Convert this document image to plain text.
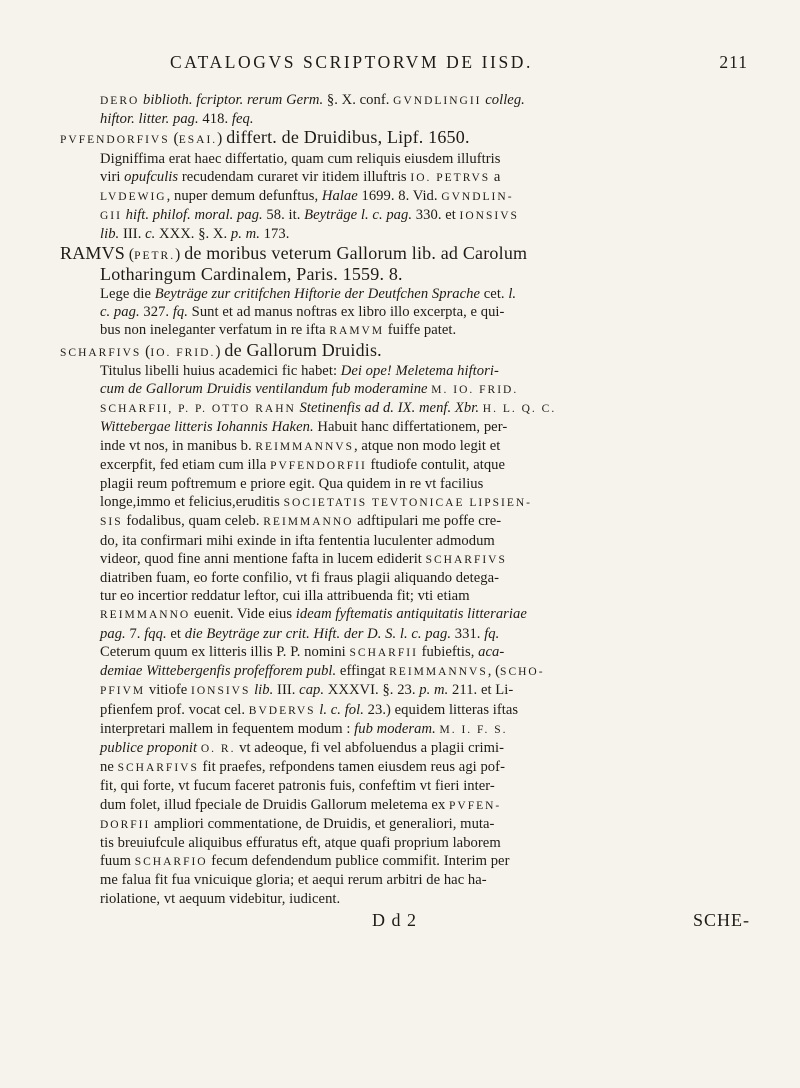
CATALOGVS SCRIPTORVM DE IISD.	211
DERO biblioth. fcriptor. rerum Germ. §. X. conf. GVNDLINGII colleg.
hiftor. litter. pag. 418. feq.
PVFENDORFIVS (ESAI.) differt. de Druidibus, Lipf. 1650.
Digniffima erat haec differtatio, quam cum reliquis eiusdem illuftris
viri opufculis recudendam curaret vir itidem illuftris IO. PETRVS a
LVDEWIG, nuper demum defunftus, Halae 1699. 8. Vid. GVNDLIN-
GII hift. philof. moral. pag. 58. it. Beyträge l. c. pag. 330. et IONSIVS
lib. III. c. XXX. §. X. p. m. 173.
RAMVS (PETR.) de moribus veterum Gallorum lib. ad Carolum
Lotharingum Cardinalem, Paris. 1559. 8.
Lege die Beyträge zur critifchen Hiftorie der Deutfchen Sprache cet. l.
c. pag. 327. fq. Sunt et ad manus noftras ex libro illo excerpta, e qui-
bus non ineleganter verfatum in re ifta RAMVM fuiffe patet.
SCHARFIVS (IO. FRID.) de Gallorum Druidis.
Titulus libelli huius academici fic habet: Dei ope! Meletema hiftori-
cum de Gallorum Druidis ventilandum fub moderamine M. IO. FRID.
SCHARFII, P. P. OTTO RAHN Stetinenfis ad d. IX. menf. Xbr. H. L. Q. C.
Wittebergae litteris Iohannis Haken. Habuit hanc differtationem, per-
inde vt nos, in manibus b. REIMMANNVS, atque non modo legit et
excerpfit, fed etiam cum illa PVFENDORFII ftudiofe contulit, atque
plagii reum poftremum e priore egit. Qua quidem in re vt facilius
longe,immo et felicius,eruditis SOCIETATIS TEVTONICAE LIPSIEN-
SIS fodalibus, quam celeb. REIMMANNO adftipulari me poffe cre-
do, ita confirmari mihi exinde in ifta fententia luculenter admodum
videor, quod fine anni mentione fafta in lucem ediderit SCHARFIVS
diatriben fuam, eo forte confilio, vt fi fraus plagii aliquando detega-
tur eo incertior reddatur leftor, cui illa attribuenda fit; vti etiam
REIMMANNO euenit. Vide eius ideam fyftematis antiquitatis litterariae
pag. 7. fqq. et die Beyträge zur crit. Hift. der D. S. l. c. pag. 331. fq.
Ceterum quum ex litteris illis P. P. nomini SCHARFII fubieftis, aca-
demiae Wittebergenfis profefforem publ. effingat REIMMANNVS, (SCHO-
PFIVM vitiofe IONSIVS lib. III. cap. XXXVI. §. 23. p. m. 211. et Li-
pfienfem prof. vocat cel. BVDERVS l. c. fol. 23.) equidem litteras iftas
interpretari mallem in fequentem modum : fub moderam. M. I. F. S.
publice proponit O. R. vt adeoque, fi vel abfoluendus a plagii crimi-
ne SCHARFIVS fit praefes, refpondens tamen eiusdem reus agi pof-
fit, qui forte, vt fucum faceret patronis fuis, confeftim vt fieri inter-
dum folet, illud fpeciale de Druidis Gallorum meletema ex PVFEN-
DORFII ampliori commentatione, de Druidis, et generaliori, muta-
tis breuiufcule aliquibus effuratus eft, atque quafi proprium laborem
fuum SCHARFIO fecum defendendum publice commifit. Interim per
me falua fit fua vnicuique gloria; et aequi rerum arbitri de hac ha-
riolatione, vt aequum videbitur, iudicent.
D d 2	SCHE-
